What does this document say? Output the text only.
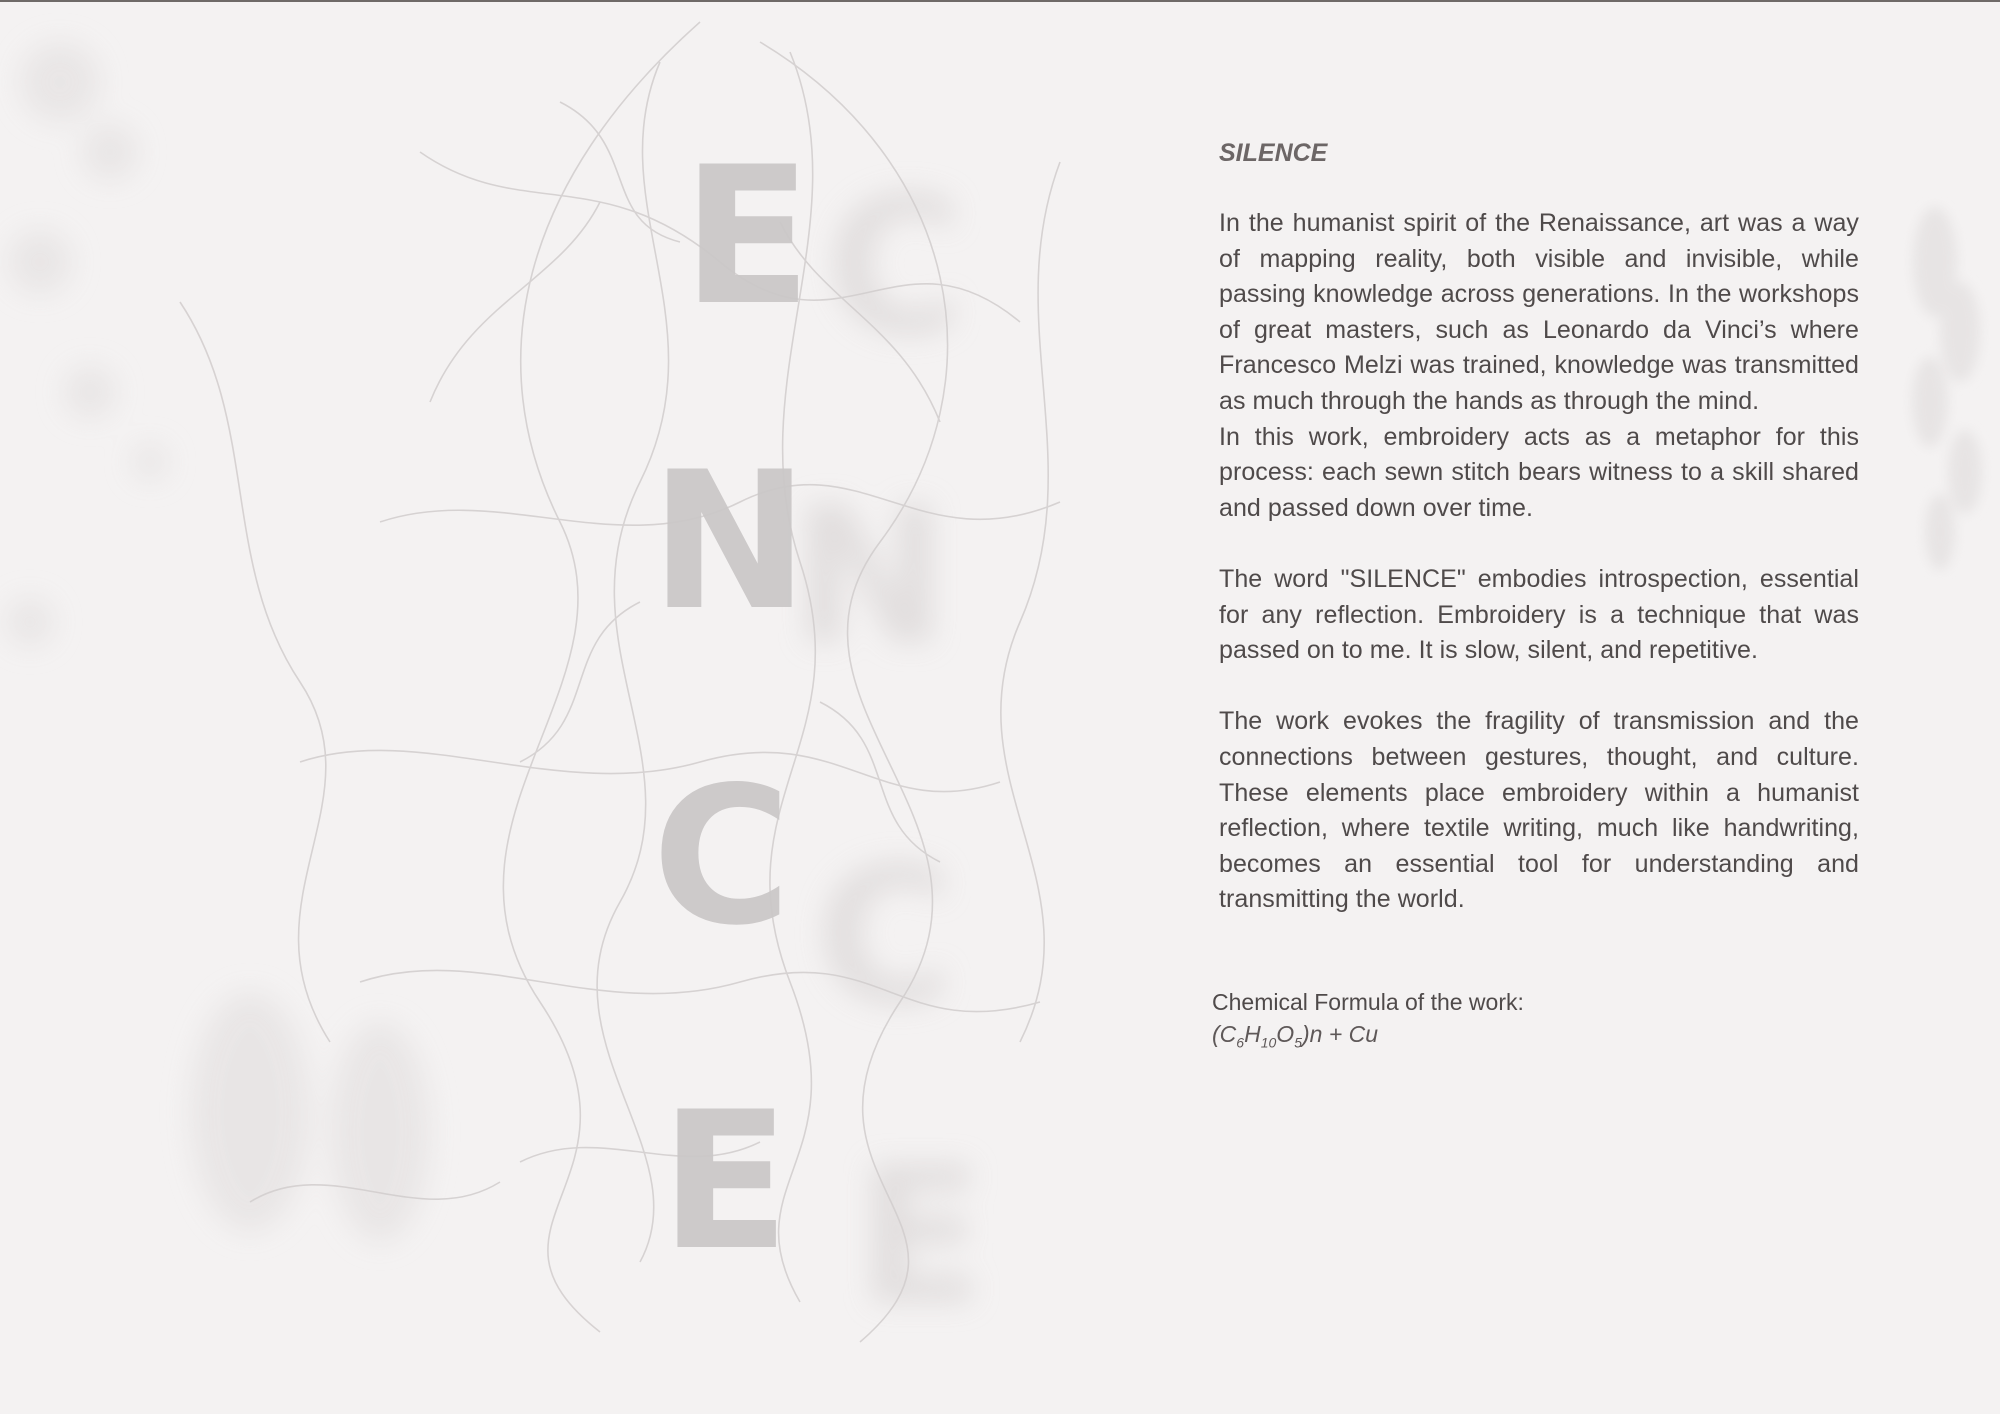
C
N
C
E
E
N
C
E
SILENCE

In the humanist spirit of the Renaissance, art was a way of mapping reality, both visible and invisible, while passing knowledge across generations. In the workshops of great masters, such as Leonardo da Vinci’s where Francesco Melzi was trained, knowledge was transmitted as much through the hands as through the mind.

In this work, embroidery acts as a metaphor for this process: each sewn stitch bears witness to a skill shared and passed down over time.

The word "SILENCE" embodies introspection, essential for any reflection. Embroidery is a technique that was passed on to me. It is slow, silent, and repetitive.

The work evokes the fragility of transmission and the connections between gestures, thought, and culture. These elements place embroidery within a humanist reflection, where textile writing, much like handwriting, becomes an essential tool for understanding and transmitting the world.

Chemical Formula of the work:
$(C_6H_{10}O_5)n + Cu$
